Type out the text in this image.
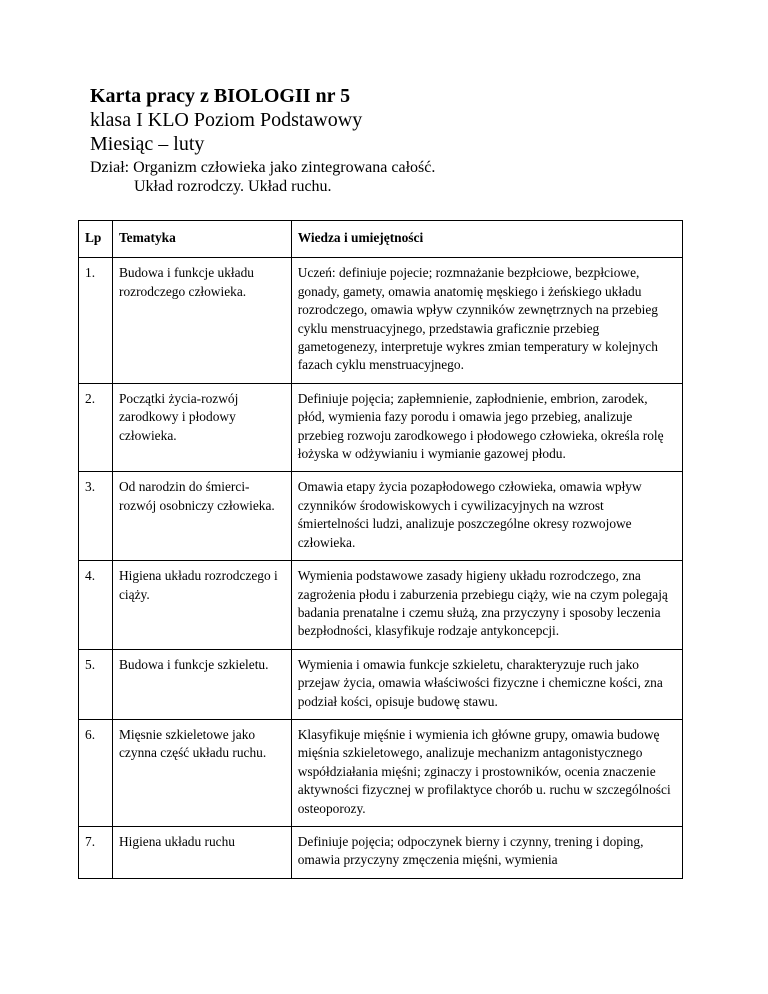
Karta pracy z BIOLOGII nr 5

klasa I KLO Poziom Podstawowy

Miesiąc – luty

Dział: Organizm człowieka jako zintegrowana całość.

Układ rozrodczy. Układ ruchu.

Lp	Tematyka	Wiedza i umiejętności
1.	Budowa i funkcje układu rozrodczego człowieka.	Uczeń: definiuje pojecie; rozmnażanie bezpłciowe, bezpłciowe, gonady, gamety, omawia anatomię męskiego i żeńskiego układu rozrodczego, omawia wpływ czynników zewnętrznych na przebieg cyklu menstruacyjnego, przedstawia graficznie przebieg gametogenezy, interpretuje wykres zmian temperatury w kolejnych fazach cyklu menstruacyjnego.
2.	Początki życia-rozwój zarodkowy i płodowy człowieka.	Definiuje pojęcia; zapłemnienie, zapłodnienie, embrion, zarodek, płód, wymienia fazy porodu i omawia jego przebieg, analizuje przebieg rozwoju zarodkowego i płodowego człowieka, określa rolę łożyska w odżywianiu i wymianie gazowej płodu.
3.	Od narodzin do śmierci-rozwój osobniczy człowieka.	Omawia etapy życia pozapłodowego człowieka, omawia wpływ czynników środowiskowych i cywilizacyjnych na wzrost śmiertelności ludzi, analizuje poszczególne okresy rozwojowe człowieka.
4.	Higiena układu rozrodczego i ciąży.	Wymienia podstawowe zasady higieny układu rozrodczego, zna zagrożenia płodu i zaburzenia przebiegu ciąży, wie na czym polegają badania prenatalne i czemu służą, zna przyczyny i sposoby leczenia bezpłodności, klasyfikuje rodzaje antykoncepcji.
5.	Budowa i funkcje szkieletu.	Wymienia i omawia funkcje szkieletu, charakteryzuje ruch jako przejaw życia, omawia właściwości fizyczne i chemiczne kości, zna podział kości, opisuje budowę stawu.
6.	Mięsnie szkieletowe jako czynna część układu ruchu.	Klasyfikuje mięśnie i wymienia ich główne grupy, omawia budowę mięśnia szkieletowego, analizuje mechanizm antagonistycznego współdziałania mięśni; zginaczy i prostowników, ocenia znaczenie aktywności fizycznej w profilaktyce chorób u. ruchu w szczególności osteoporozy.
7.	Higiena układu ruchu	Definiuje pojęcia; odpoczynek bierny i czynny, trening i doping, omawia przyczyny zmęczenia mięśni, wymienia
